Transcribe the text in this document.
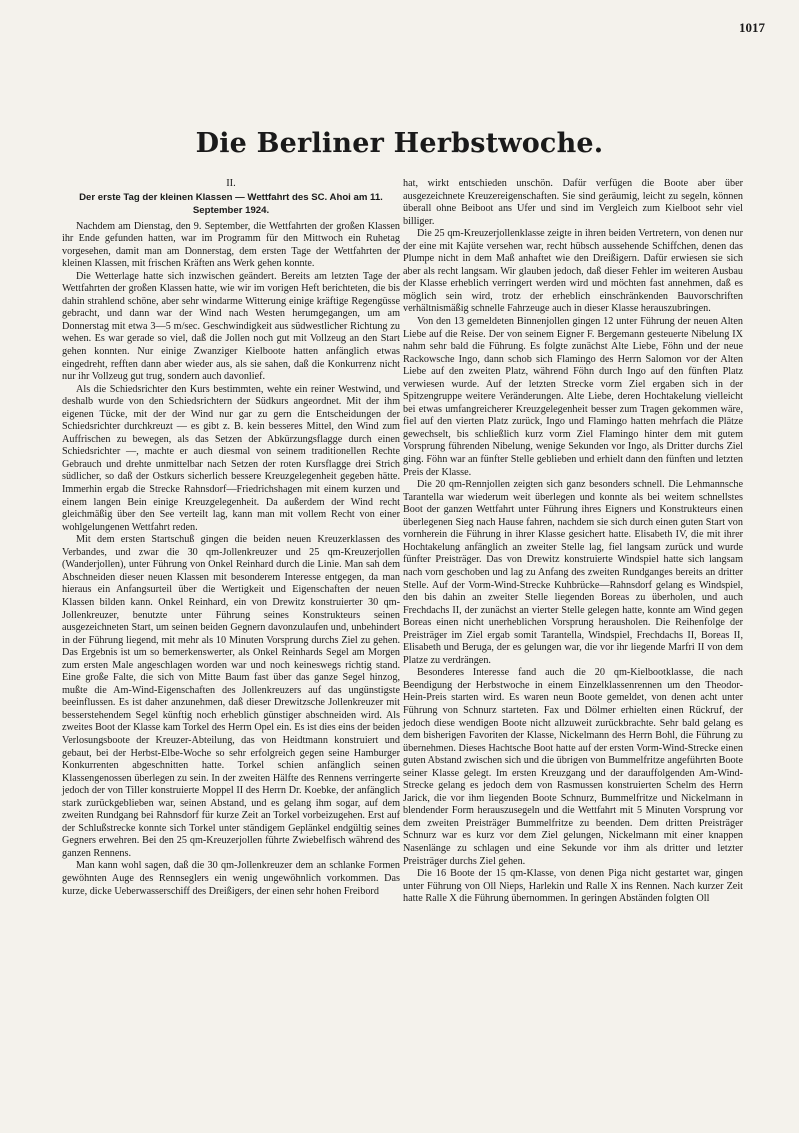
1017
Die Berliner Herbstwoche.

II.

Der erste Tag der kleinen Klassen — Wettfahrt des SC. Ahoi am 11. September 1924.

Nachdem am Dienstag, den 9. September, die Wettfahrten der großen Klassen ihr Ende gefunden hatten, war im Programm für den Mittwoch ein Ruhetag vorgesehen, damit man am Donnerstag, dem ersten Tage der Wettfahrten der kleinen Klassen, mit frischen Kräften ans Werk gehen konnte.

Die Wetterlage hatte sich inzwischen geändert. Bereits am letzten Tage der Wettfahrten der großen Klassen hatte, wie wir im vorigen Heft berichteten, die bis dahin strahlend schöne, aber sehr windarme Witterung einige kräftige Regengüsse gebracht, und dann war der Wind nach Westen herumgegangen, um am Donnerstag mit etwa 3—5 m/sec. Geschwindigkeit aus südwestlicher Richtung zu wehen. Es war gerade so viel, daß die Jollen noch gut mit Vollzeug an den Start gehen konnten. Nur einige Zwanziger Kielboote hatten anfänglich etwas eingedreht, refften dann aber wieder aus, als sie sahen, daß die Konkurrenz nicht nur ihr Vollzeug gut trug, sondern auch davonlief.

Als die Schiedsrichter den Kurs bestimmten, wehte ein reiner Westwind, und deshalb wurde von den Schiedsrichtern der Südkurs angeordnet. Mit der ihm eigenen Tücke, mit der der Wind nur gar zu gern die Entscheidungen der Schiedsrichter durchkreuzt — es gibt z. B. kein besseres Mittel, den Wind zum Auffrischen zu bewegen, als das Setzen der Abkürzungsflagge durch einen Schiedsrichter —, machte er auch diesmal von seinem traditionellen Rechte Gebrauch und drehte unmittelbar nach Setzen der roten Kursflagge drei Strich südlicher, so daß der Ostkurs sicherlich bessere Kreuzgelegenheit gegeben hätte. Immerhin ergab die Strecke Rahnsdorf—Friedrichshagen mit einem kurzen und einem langen Bein einige Kreuzgelegenheit. Da außerdem der Wind recht gleichmäßig über den See verteilt lag, kann man mit vollem Recht von einer wohlgelungenen Wettfahrt reden.

Mit dem ersten Startschuß gingen die beiden neuen Kreuzerklassen des Verbandes, und zwar die 30 qm-Jollenkreuzer und 25 qm-Kreuzerjollen (Wanderjollen), unter Führung von Onkel Reinhard durch die Linie. Man sah dem Abschneiden dieser neuen Klassen mit besonderem Interesse entgegen, da man hieraus ein Anfangsurteil über die Wertigkeit und Eigenschaften der neuen Klassen bilden kann. Onkel Reinhard, ein von Drewitz konstruierter 30 qm-Jollenkreuzer, benutzte unter Führung seines Konstrukteurs seinen ausgezeichneten Start, um seinen beiden Gegnern davonzulaufen und, unbehindert in der Führung liegend, mit mehr als 10 Minuten Vorsprung durchs Ziel zu gehen. Das Ergebnis ist um so bemerkenswerter, als Onkel Reinhards Segel am Morgen zum ersten Male angeschlagen worden war und noch keineswegs richtig stand. Eine große Falte, die sich von Mitte Baum fast über das ganze Segel hinzog, mußte die Am-Wind-Eigenschaften des Jollenkreuzers auf das ungünstigste beeinflussen. Es ist daher anzunehmen, daß dieser Drewitzsche Jollenkreuzer mit besserstehendem Segel künftig noch erheblich günstiger abschneiden wird. Als zweites Boot der Klasse kam Torkel des Herrn Opel ein. Es ist dies eins der beiden Verlosungsboote der Kreuzer-Abteilung, das von Heidtmann konstruiert und gebaut, bei der Herbst-Elbe-Woche so sehr erfolgreich gegen seine Hamburger Konkurrenten abgeschnitten hatte. Torkel schien anfänglich seinen Klassengenossen überlegen zu sein. In der zweiten Hälfte des Rennens verringerte jedoch der von Tiller konstruierte Moppel II des Herrn Dr. Koebke, der anfänglich stark zurückgeblieben war, seinen Abstand, und es gelang ihm sogar, auf dem zweiten Rundgang bei Rahnsdorf für kurze Zeit an Torkel vorbeizugehen. Erst auf der Schlußstrecke konnte sich Torkel unter ständigem Geplänkel endgültig seines Gegners erwehren. Bei den 25 qm-Kreuzerjollen führte Zwiebelfisch während des ganzen Rennens.

Man kann wohl sagen, daß die 30 qm-Jollenkreuzer dem an schlanke Formen gewöhnten Auge des Rennseglers ein wenig ungewöhnlich vorkommen. Das kurze, dicke Ueberwasserschiff des Dreißigers, der einen sehr hohen Freibord

hat, wirkt entschieden unschön. Dafür verfügen die Boote aber über ausgezeichnete Kreuzereigenschaften. Sie sind geräumig, leicht zu segeln, können überall ohne Beiboot ans Ufer und sind im Vergleich zum Kielboot sehr viel billiger.

Die 25 qm-Kreuzerjollenklasse zeigte in ihren beiden Vertretern, von denen nur der eine mit Kajüte versehen war, recht hübsch aussehende Schiffchen, denen das Plumpe nicht in dem Maß anhaftet wie den Dreißigern. Dafür erwiesen sie sich aber als recht langsam. Wir glauben jedoch, daß dieser Fehler im weiteren Ausbau der Klasse erheblich verringert werden wird und möchten fast annehmen, daß es möglich sein wird, trotz der erheblich einschränkenden Bauvorschriften verhältnismäßig schnelle Fahrzeuge auch in dieser Klasse herauszubringen.

Von den 13 gemeldeten Binnenjollen gingen 12 unter Führung der neuen Alten Liebe auf die Reise. Der von seinem Eigner F. Bergemann gesteuerte Nibelung IX nahm sehr bald die Führung. Es folgte zunächst Alte Liebe, Föhn und der neue Rackowsche Ingo, dann schob sich Flamingo des Herrn Salomon vor der Alten Liebe auf den zweiten Platz, während Föhn durch Ingo auf den fünften Platz verwiesen wurde. Auf der letzten Strecke vorm Ziel ergaben sich in der Spitzengruppe weitere Veränderungen. Alte Liebe, deren Hochtakelung vielleicht bei etwas umfangreicherer Kreuzgelegenheit besser zum Tragen gekommen wäre, fiel auf den vierten Platz zurück, Ingo und Flamingo hatten mehrfach die Plätze gewechselt, bis schließlich kurz vorm Ziel Flamingo hinter dem mit gutem Vorsprung führenden Nibelung, wenige Sekunden vor Ingo, als Dritter durchs Ziel ging. Föhn war an fünfter Stelle geblieben und erhielt dann den fünften und letzten Preis der Klasse.

Die 20 qm-Rennjollen zeigten sich ganz besonders schnell. Die Lehmannsche Tarantella war wiederum weit überlegen und konnte als bei weitem schnellstes Boot der ganzen Wettfahrt unter Führung ihres Eigners und Konstrukteurs einen überlegenen Sieg nach Hause fahren, nachdem sie sich durch einen guten Start von vornherein die Führung in ihrer Klasse gesichert hatte. Elisabeth IV, die mit ihrer Hochtakelung anfänglich an zweiter Stelle lag, fiel langsam zurück und wurde fünfter Preisträger. Das von Drewitz konstruierte Windspiel hatte sich langsam nach vorn geschoben und lag zu Anfang des zweiten Rundganges bereits an dritter Stelle. Auf der Vorm-Wind-Strecke Kuhbrücke—Rahnsdorf gelang es Windspiel, den bis dahin an zweiter Stelle liegenden Boreas zu überholen, und auch Frechdachs II, der zunächst an vierter Stelle gelegen hatte, konnte am Wind gegen Boreas einen nicht unerheblichen Vorsprung herausholen. Die Reihenfolge der Preisträger im Ziel ergab somit Tarantella, Windspiel, Frechdachs II, Boreas II, Elisabeth und Beruga, der es gelungen war, die vor ihr liegende Marfri II von dem Platze zu verdrängen.

Besonderes Interesse fand auch die 20 qm-Kielbootklasse, die nach Beendigung der Herbstwoche in einem Einzelklassenrennen um den Theodor-Hein-Preis starten wird. Es waren neun Boote gemeldet, von denen acht unter Führung von Schnurz starteten. Fax und Dölmer erhielten einen Rückruf, der jedoch diese wendigen Boote nicht allzuweit zurückbrachte. Sehr bald gelang es dem bisherigen Favoriten der Klasse, Nickelmann des Herrn Bohl, die Führung zu übernehmen. Dieses Hachtsche Boot hatte auf der ersten Vorm-Wind-Strecke einen guten Abstand zwischen sich und die übrigen von Bummelfritze angeführten Boote seiner Klasse gelegt. Im ersten Kreuzgang und der darauffolgenden Am-Wind-Strecke gelang es jedoch dem von Rasmussen konstruierten Schelm des Herrn Jarick, die vor ihm liegenden Boote Schnurz, Bummelfritze und Nickelmann in blendender Form herauszusegeln und die Wettfahrt mit 5 Minuten Vorsprung vor dem zweiten Preisträger Bummelfritze zu beenden. Dem dritten Preisträger Schnurz war es kurz vor dem Ziel gelungen, Nickelmann mit einer knappen Nasenlänge zu schlagen und eine Sekunde vor ihm als dritter und letzter Preisträger durchs Ziel gehen.

Die 16 Boote der 15 qm-Klasse, von denen Piga nicht gestartet war, gingen unter Führung von Oll Nieps, Harlekin und Ralle X ins Rennen. Nach kurzer Zeit hatte Ralle X die Führung übernommen. In geringen Abständen folgten Oll
